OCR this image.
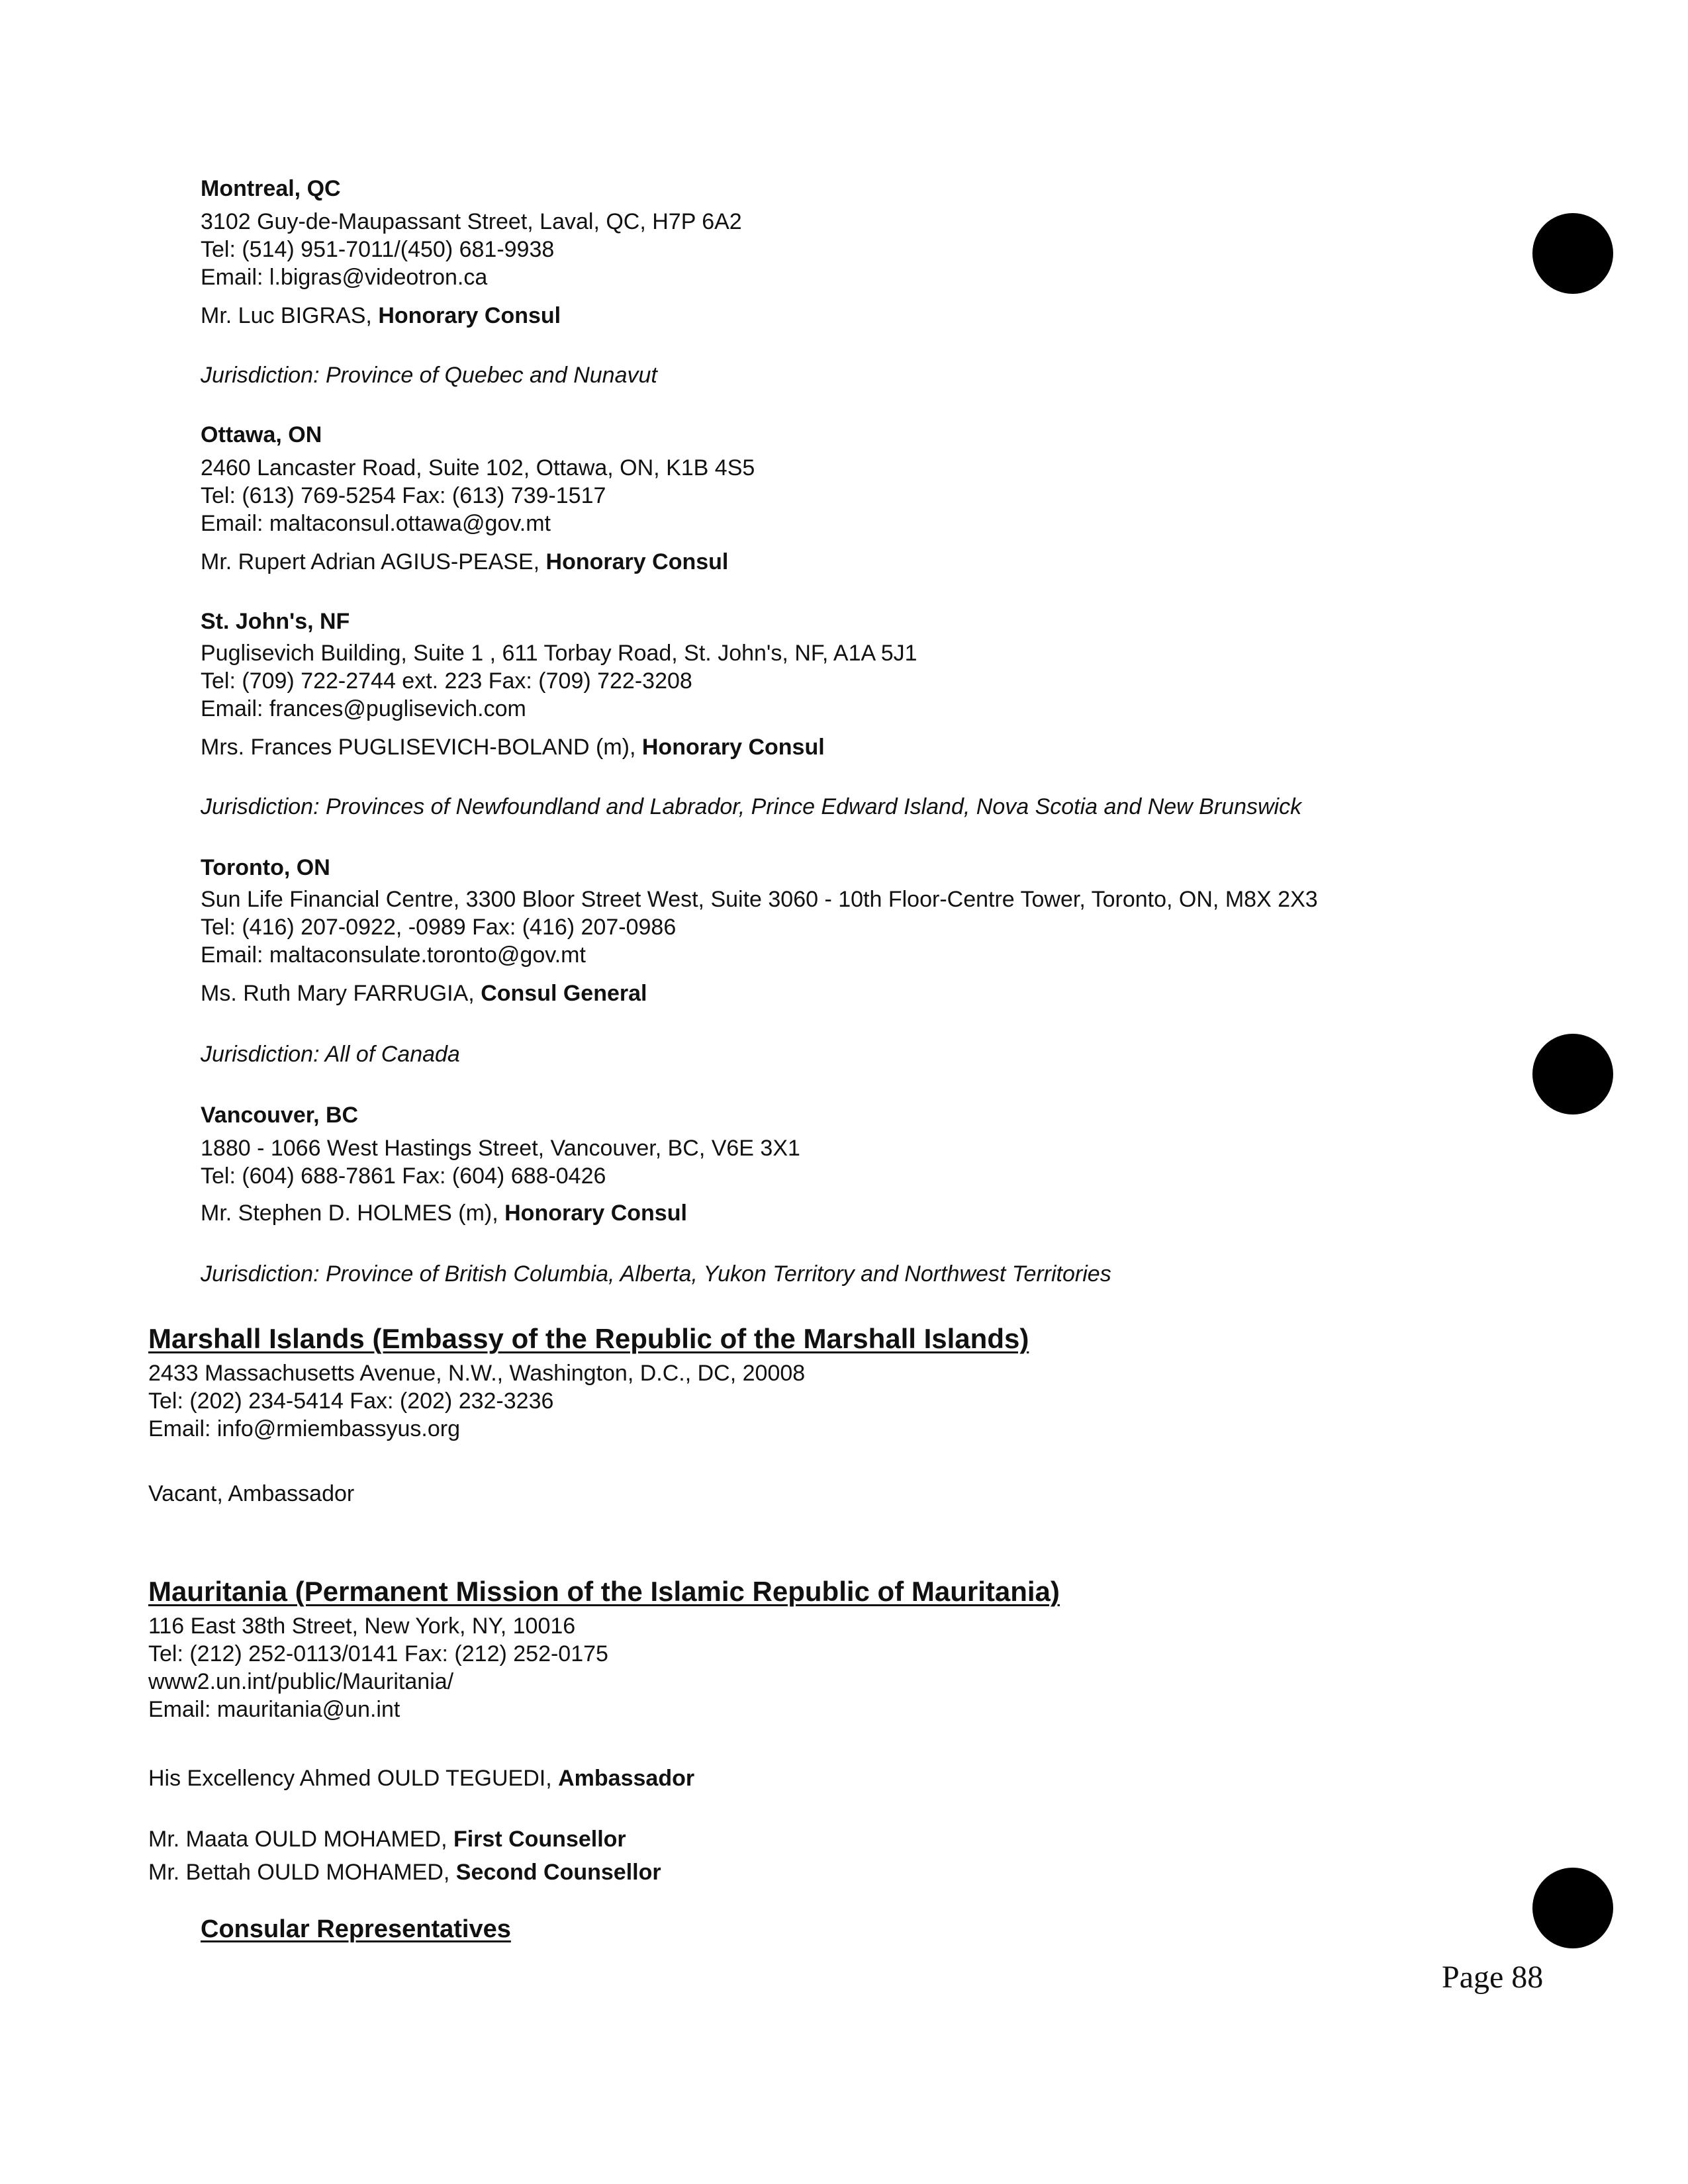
Montreal, QC
3102 Guy-de-Maupassant Street, Laval, QC, H7P 6A2
Tel: (514) 951-7011/(450) 681-9938
Email: l.bigras@videotron.ca
Mr. Luc BIGRAS, Honorary Consul
Jurisdiction: Province of Quebec and Nunavut
Ottawa, ON
2460 Lancaster Road, Suite 102, Ottawa, ON, K1B 4S5
Tel: (613) 769-5254 Fax: (613) 739-1517
Email: maltaconsul.ottawa@gov.mt
Mr. Rupert Adrian AGIUS-PEASE, Honorary Consul
St. John's, NF
Puglisevich Building, Suite 1 , 611 Torbay Road, St. John's, NF, A1A 5J1
Tel: (709) 722-2744 ext. 223 Fax: (709) 722-3208
Email: frances@puglisevich.com
Mrs. Frances PUGLISEVICH-BOLAND (m), Honorary Consul
Jurisdiction: Provinces of Newfoundland and Labrador, Prince Edward Island, Nova Scotia and New Brunswick
Toronto, ON
Sun Life Financial Centre, 3300 Bloor Street West, Suite 3060 - 10th Floor-Centre Tower, Toronto, ON, M8X 2X3
Tel: (416) 207-0922, -0989 Fax: (416) 207-0986
Email: maltaconsulate.toronto@gov.mt
Ms. Ruth Mary FARRUGIA, Consul General
Jurisdiction: All of Canada
Vancouver, BC
1880 - 1066 West Hastings Street, Vancouver, BC, V6E 3X1
Tel: (604) 688-7861 Fax: (604) 688-0426
Mr. Stephen D. HOLMES (m), Honorary Consul
Jurisdiction: Province of British Columbia, Alberta, Yukon Territory and Northwest Territories
Marshall Islands (Embassy of the Republic of the Marshall Islands)
2433 Massachusetts Avenue, N.W., Washington, D.C., DC, 20008
Tel: (202) 234-5414 Fax: (202) 232-3236
Email: info@rmiembassyus.org
Vacant, Ambassador
Mauritania (Permanent Mission of the Islamic Republic of Mauritania)
116 East 38th Street, New York, NY, 10016
Tel: (212) 252-0113/0141 Fax: (212) 252-0175
www2.un.int/public/Mauritania/
Email: mauritania@un.int
His Excellency Ahmed OULD TEGUEDI, Ambassador
Mr. Maata OULD MOHAMED, First Counsellor
Mr. Bettah OULD MOHAMED, Second Counsellor
Consular Representatives
Page 88
